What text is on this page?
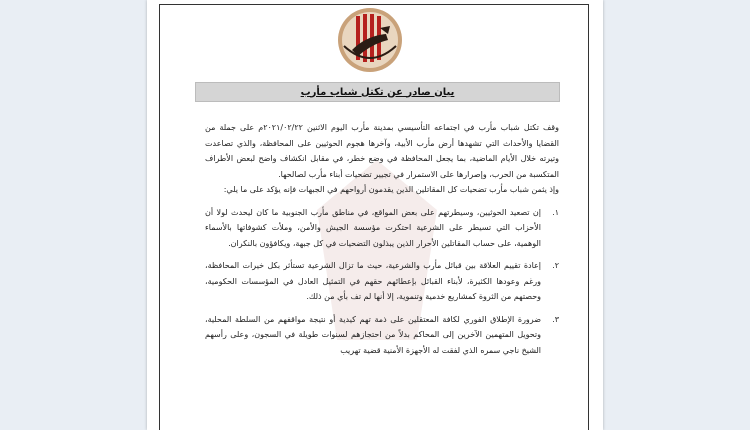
بيان صادر عن تكتل شباب مأرب

وقف تكتل شباب مأرب في اجتماعه التأسيسي بمدينة مأرب اليوم الاثنين ٢٠٢١/٠٢/٢٢م على جملة من القضايا والأحداث التي تشهدها أرض مأرب الأبية، وآخرها هجوم الحوثيين على المحافظة، والذي تصاعدت وتيرته خلال الأيام الماضية، بما يجعل المحافظة في وضع خطر، في مقابل انكشاف واضح لبعض الأطراف المتكسبة من الحرب، وإصرارها على الاستمرار في تجيير تضحيات أبناء مأرب لصالحها.

وإذ يثمن شباب مأرب تضحيات كل المقاتلين الذين يقدمون أرواحهم في الجبهات فإنه يؤكد على ما يلي:

١.
إن تصعيد الحوثيين، وسيطرتهم على بعض المواقع، في مناطق مأرب الجنوبية ما كان ليحدث لولا أن الأحزاب التي تسيطر على الشرعية احتكرت مؤسسة الجيش والأمن، وملأت كشوفاتها بالأسماء الوهمية، على حساب المقاتلين الأحرار الذين يبذلون التضحيات في كل جبهة، ويكافؤون بالنكران.
٢.
إعادة تقييم العلاقة بين قبائل مأرب والشرعية، حيث ما تزال الشرعية تستأثر بكل خيرات المحافظة، ورغم وعودها الكثيرة، لأبناء القبائل بإعطائهم حقهم في التمثيل العادل في المؤسسات الحكومية، وحصتهم من الثروة كمشاريع خدمية وتنموية، إلا أنها لم تف بأي من ذلك.
٣.
ضرورة الإطلاق الفوري لكافة المعتقلين على ذمة تهم كيدية أو نتيجة مواقفهم من السلطة المحلية، وتحويل المتهمين الآخرين إلى المحاكم بدلاً من احتجازهم لسنوات طويلة في السجون، وعلى رأسهم الشيخ ناجي سمره الذي لفقت له الأجهزة الأمنية قضية تهريب
